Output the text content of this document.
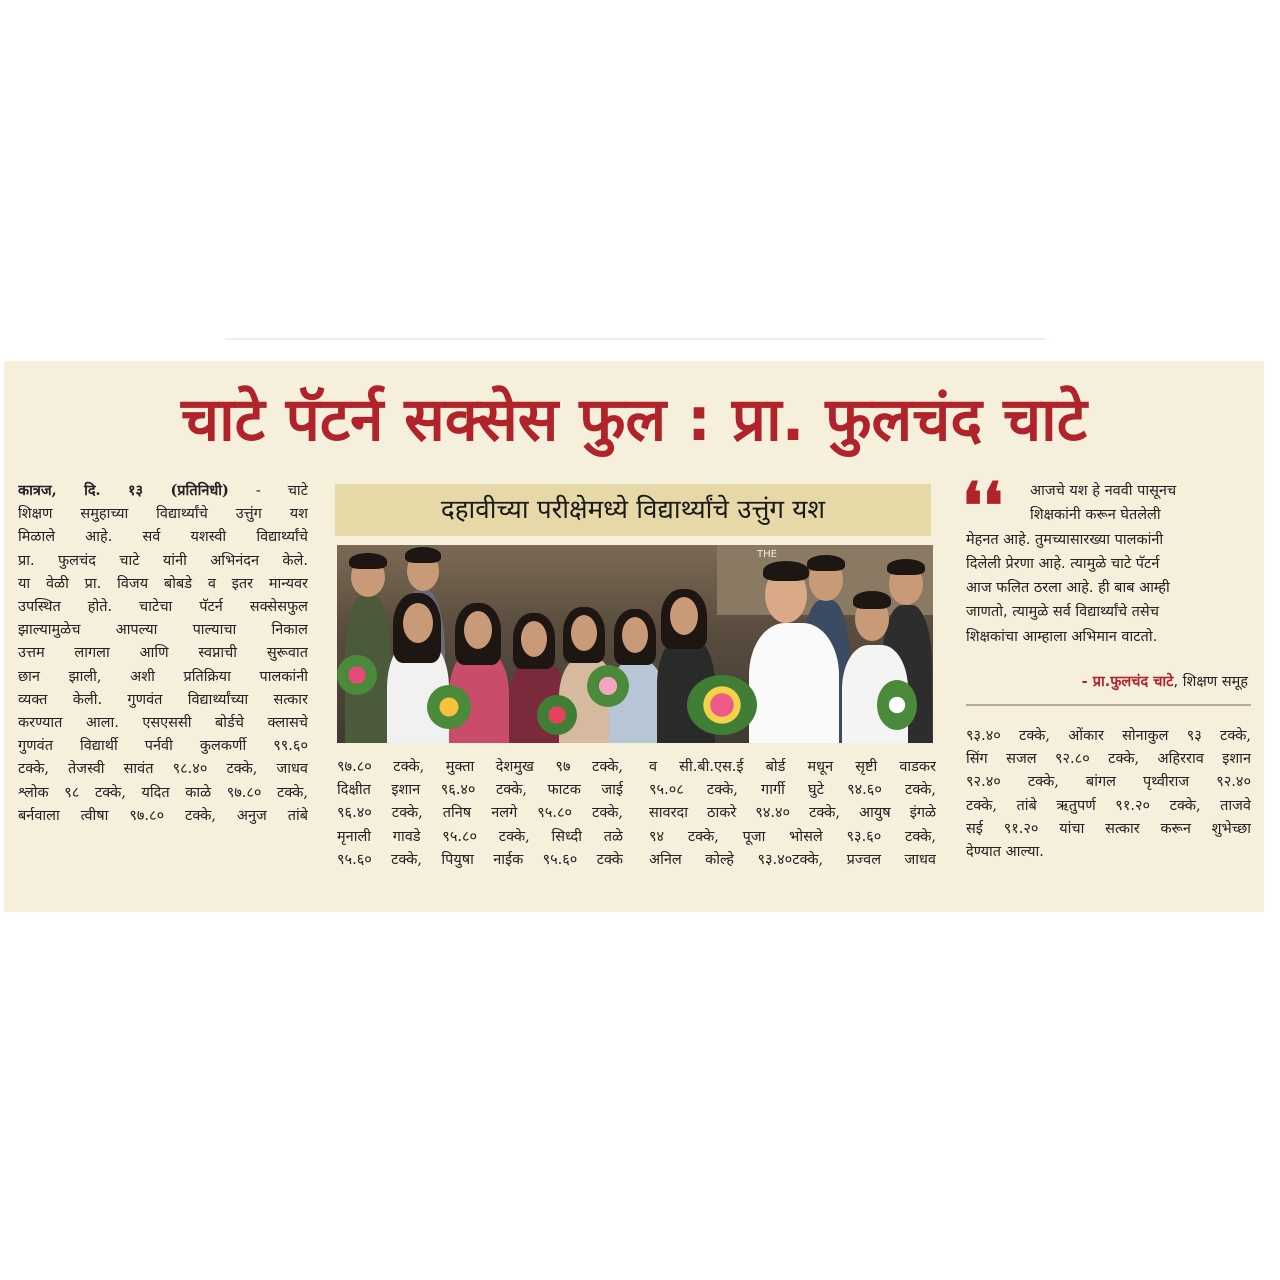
चाटे पॅटर्न सक्सेस फुल : प्रा. फुलचंद चाटे
कात्रज, दि. १३ (प्रतिनिधी) - चाटे
शिक्षण समुहाच्या विद्यार्थ्यांचे उत्तुंग यश
मिळाले आहे. सर्व यशस्वी विद्यार्थ्यांचे
प्रा. फुलचंद चाटे यांनी अभिनंदन केले.
या वेळी प्रा. विजय बोबडे व इतर मान्यवर
उपस्थित होते. चाटेचा पॅटर्न सक्सेसफुल
झाल्यामुळेच आपल्या पाल्याचा निकाल
उत्तम लागला आणि स्वप्नाची सुरूवात
छान झाली, अशी प्रतिक्रिया पालकांनी
व्यक्त केली. गुणवंत विद्यार्थ्यांच्या सत्कार
करण्यात आला. एसएससी बोर्डचे क्लासचे
गुणवंत विद्यार्थी पर्नवी कुलकर्णी ९९.६०
टक्के, तेजस्वी सावंत ९८.४० टक्के, जाधव
श्लोक ९८ टक्के, यदित काळे ९७.८० टक्के,
बर्नवाला त्वीषा ९७.८० टक्के, अनुज तांबे
दहावीच्या परीक्षेमध्ये विद्यार्थ्यांचे उत्तुंग यश
THE
९७.८० टक्के, मुक्ता देशमुख ९७ टक्के,
दिक्षीत इशान ९६.४० टक्के, फाटक जाई
९६.४० टक्के, तनिष नलगे ९५.८० टक्के,
मृनाली गावडे ९५.८० टक्के, सिध्दी तळे
९५.६० टक्के, पियुषा नाईक ९५.६० टक्के
व सी.बी.एस.ई बोर्ड मधून सृष्टी वाडकर
९५.०८ टक्के, गार्गी घुटे ९४.६० टक्के,
सावरदा ठाकरे ९४.४० टक्के, आयुष इंगळे
९४ टक्के, पूजा भोसले ९३.६० टक्के,
अनिल कोल्हे ९३.४०टक्के, प्रज्वल जाधव
❛❛	आजचे यश हे नववी पासूनच
शिक्षकांनी करून घेतलेली
मेहनत आहे. तुमच्यासारख्या पालकांनी
दिलेली प्रेरणा आहे. त्यामुळे चाटे पॅटर्न
आज फलित ठरला आहे. ही बाब आम्ही
जाणतो, त्यामुळे सर्व विद्यार्थ्यांचे तसेच
शिक्षकांचा आम्हाला अभिमान वाटतो.
- प्रा.फुलचंद चाटे, शिक्षण समूह
९३.४० टक्के, ओंकार सोनाकुल ९३ टक्के,
सिंग सजल ९२.८० टक्के, अहिरराव इशान
९२.४० टक्के, बांगल पृथ्वीराज ९२.४०
टक्के, तांबे ऋतुपर्ण ९१.२० टक्के, ताजवे
सई ९१.२० यांचा सत्कार करून शुभेच्छा
देण्यात आल्या.
